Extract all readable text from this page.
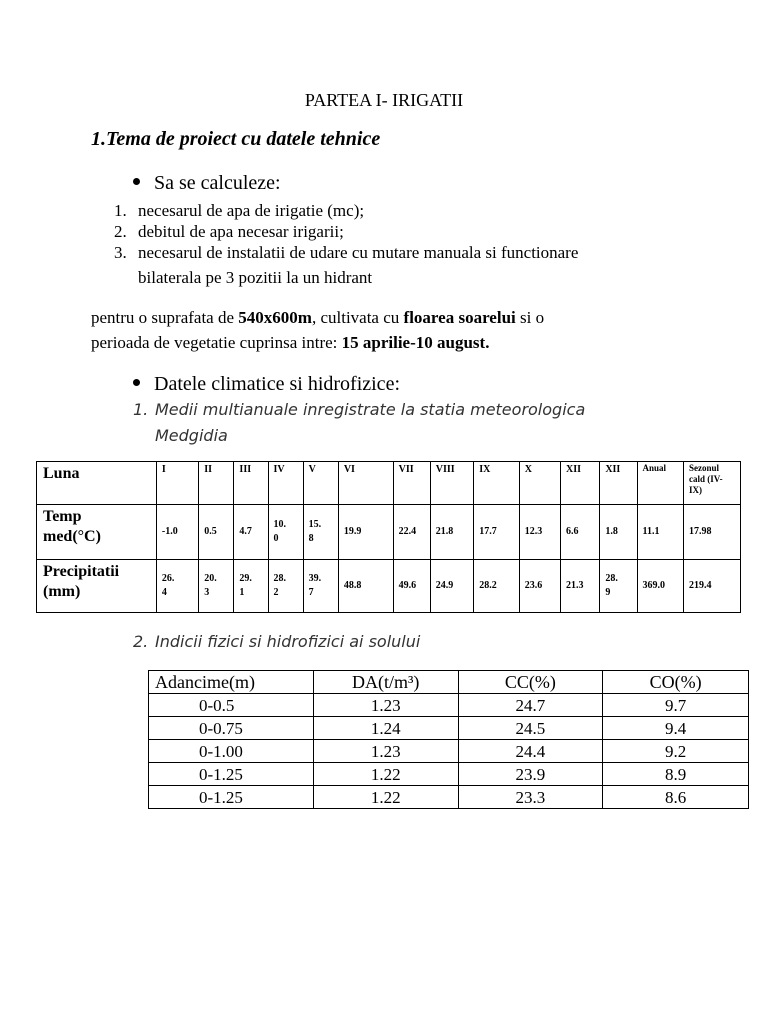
PARTEA I- IRIGATII
1.Tema de proiect cu datele tehnice
Sa se calculeze:
1. necesarul de apa de irigatie (mc);
2. debitul de apa necesar irigarii;
3. necesarul de instalatii de udare cu mutare manuala si functionare
bilaterala pe 3 pozitii la un hidrant
pentru o suprafata de 540x600m, cultivata cu floarea soarelui si o
perioada de vegetatie cuprinsa intre: 15 aprilie-10 august.
Datele climatice si hidrofizice:
1. Medii multianuale inregistrate la statia meteorologica
Medgidia
Luna	I	II	III	IV	V	VI	VII	VIII	IX	X	XII	XII	Anual	Sezonul cald (IV-IX)
Temp
med(°C)	-1.0	0.5	4.7	10.
0	15.
8	19.9	22.4	21.8	17.7	12.3	6.6	1.8	11.1	17.98
Precipitatii
(mm)	26.
4	20.
3	29.
1	28.
2	39.
7	48.8	49.6	24.9	28.2	23.6	21.3	28.
9	369.0	219.4
2. Indicii fizici si hidrofizici ai solului
Adancime(m)	DA(t/m³)	CC(%)	CO(%)
0-0.5	1.23	24.7	9.7
0-0.75	1.24	24.5	9.4
0-1.00	1.23	24.4	9.2
0-1.25	1.22	23.9	8.9
0-1.25	1.22	23.3	8.6
